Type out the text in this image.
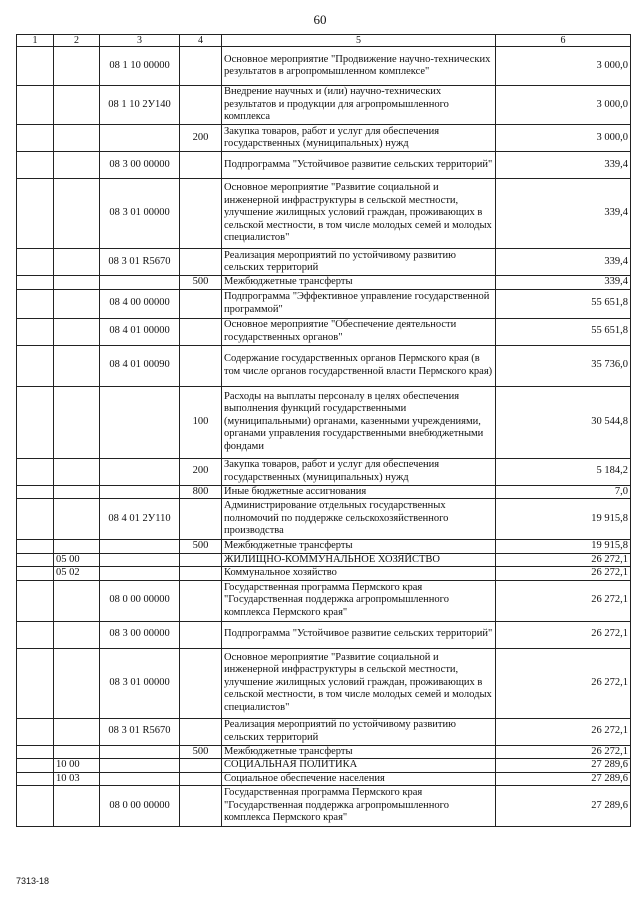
60
1	2	3	4	5	6
		08 1 10 00000		Основное мероприятие "Продвижение научно-технических результатов в агропромышленном комплексе"	3 000,0
		08 1 10 2У140		Внедрение научных и (или) научно-технических результатов и продукции для агропромышленного комплекса	3 000,0
			200	Закупка товаров, работ и услуг для обеспечения государственных (муниципальных) нужд	3 000,0
		08 3 00 00000		Подпрограмма "Устойчивое развитие сельских территорий"	339,4
		08 3 01 00000		Основное мероприятие "Развитие социальной и инженерной инфраструктуры в сельской местности, улучшение жилищных условий граждан, проживающих в сельской местности, в том числе молодых семей и молодых специалистов"	339,4
		08 3 01 R5670		Реализация мероприятий по устойчивому развитию сельских территорий	339,4
			500	Межбюджетные трансферты	339,4
		08 4 00 00000		Подпрограмма "Эффективное управление государственной программой"	55 651,8
		08 4 01 00000		Основное мероприятие "Обеспечение деятельности государственных органов"	55 651,8
		08 4 01 00090		Содержание государственных органов Пермского края (в том числе органов государственной власти Пермского края)	35 736,0
			100	Расходы на выплаты персоналу в целях обеспечения выполнения функций государственными (муниципальными) органами, казенными учреждениями, органами управления государственными внебюджетными фондами	30 544,8
			200	Закупка товаров, работ и услуг для обеспечения государственных (муниципальных) нужд	5 184,2
			800	Иные бюджетные ассигнования	7,0
		08 4 01 2У110		Администрирование отдельных государственных полномочий по поддержке сельскохозяйственного производства	19 915,8
			500	Межбюджетные трансферты	19 915,8
	05 00			ЖИЛИЩНО-КОММУНАЛЬНОЕ ХОЗЯЙСТВО	26 272,1
	05 02			Коммунальное хозяйство	26 272,1
		08 0 00 00000		Государственная программа Пермского края "Государственная поддержка агропромышленного комплекса Пермского края"	26 272,1
		08 3 00 00000		Подпрограмма "Устойчивое развитие сельских территорий"	26 272,1
		08 3 01 00000		Основное мероприятие "Развитие социальной и инженерной инфраструктуры в сельской местности, улучшение жилищных условий граждан, проживающих в сельской местности, в том числе молодых семей и молодых специалистов"	26 272,1
		08 3 01 R5670		Реализация мероприятий по устойчивому развитию сельских территорий	26 272,1
			500	Межбюджетные трансферты	26 272,1
	10 00			СОЦИАЛЬНАЯ ПОЛИТИКА	27 289,6
	10 03			Социальное обеспечение населения	27 289,6
		08 0 00 00000		Государственная программа Пермского края "Государственная поддержка агропромышленного комплекса Пермского края"	27 289,6
7313-18
